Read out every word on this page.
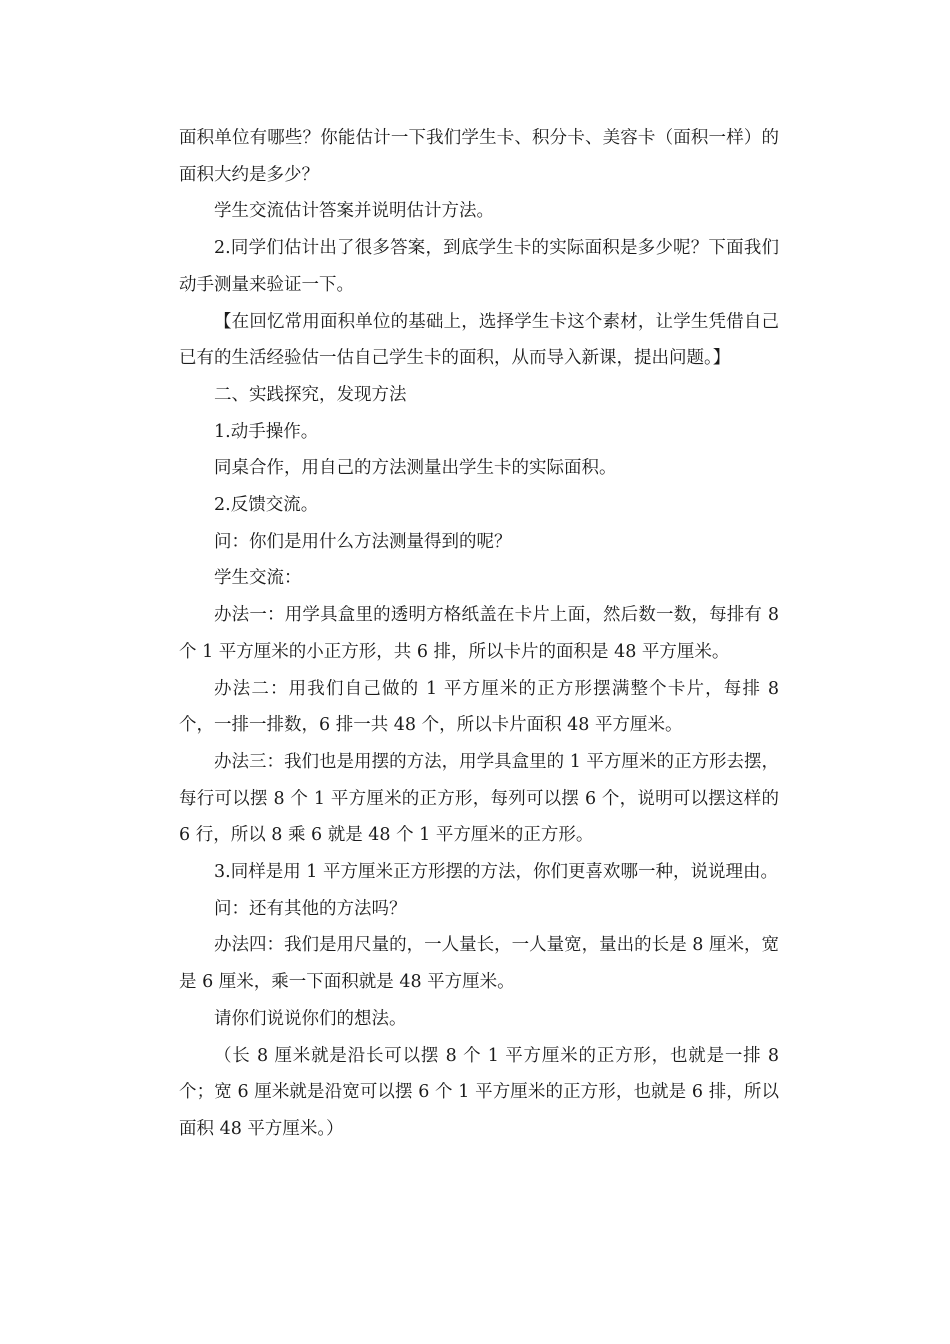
面积单位有哪些？你能估计一下我们学生卡、积分卡、美容卡（面积一样）的面积大约是多少？

学生交流估计答案并说明估计方法。

2.同学们估计出了很多答案，到底学生卡的实际面积是多少呢？下面我们动手测量来验证一下。

【在回忆常用面积单位的基础上，选择学生卡这个素材，让学生凭借自己已有的生活经验估一估自己学生卡的面积，从而导入新课，提出问题。】

二、实践探究，发现方法

1.动手操作。

同桌合作，用自己的方法测量出学生卡的实际面积。

2.反馈交流。

问：你们是用什么方法测量得到的呢？

学生交流：

办法一：用学具盒里的透明方格纸盖在卡片上面，然后数一数，每排有 8 个 1 平方厘米的小正方形，共 6 排，所以卡片的面积是 48 平方厘米。

办法二：用我们自己做的 1 平方厘米的正方形摆满整个卡片，每排 8 个，一排一排数，6 排一共 48 个，所以卡片面积 48 平方厘米。

办法三：我们也是用摆的方法，用学具盒里的 1 平方厘米的正方形去摆，每行可以摆 8 个 1 平方厘米的正方形，每列可以摆 6 个，说明可以摆这样的 6 行，所以 8 乘 6 就是 48 个 1 平方厘米的正方形。

3.同样是用 1 平方厘米正方形摆的方法，你们更喜欢哪一种，说说理由。

问：还有其他的方法吗？

办法四：我们是用尺量的，一人量长，一人量宽，量出的长是 8 厘米，宽是 6 厘米，乘一下面积就是 48 平方厘米。

请你们说说你们的想法。

（长 8 厘米就是沿长可以摆 8 个 1 平方厘米的正方形，也就是一排 8 个；宽 6 厘米就是沿宽可以摆 6 个 1 平方厘米的正方形，也就是 6 排，所以面积 48 平方厘米。）
